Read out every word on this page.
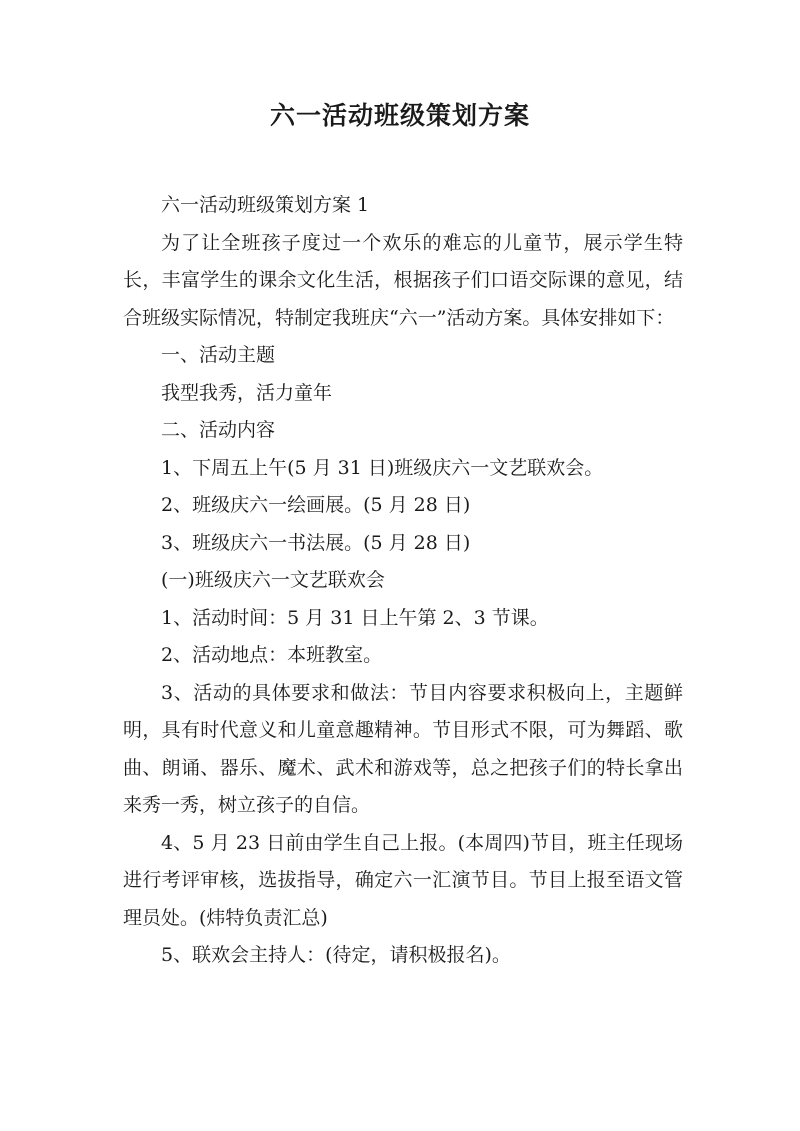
六一活动班级策划方案

六一活动班级策划方案 1

为了让全班孩子度过一个欢乐的难忘的儿童节，展示学生特长，丰富学生的课余文化生活，根据孩子们口语交际课的意见，结合班级实际情况，特制定我班庆“六一”活动方案。具体安排如下：

一、活动主题

我型我秀，活力童年

二、活动内容

1、下周五上午(5 月 31 日)班级庆六一文艺联欢会。

2、班级庆六一绘画展。(5 月 28 日)

3、班级庆六一书法展。(5 月 28 日)

(一)班级庆六一文艺联欢会

1、活动时间：5 月 31 日上午第 2、3 节课。

2、活动地点：本班教室。

3、活动的具体要求和做法：节目内容要求积极向上，主题鲜明，具有时代意义和儿童意趣精神。节目形式不限，可为舞蹈、歌曲、朗诵、器乐、魔术、武术和游戏等，总之把孩子们的特长拿出来秀一秀，树立孩子的自信。

4、5 月 23 日前由学生自己上报。(本周四)节目，班主任现场进行考评审核，选拔指导，确定六一汇演节目。节目上报至语文管理员处。(炜特负责汇总)

5、联欢会主持人：(待定，请积极报名)。
